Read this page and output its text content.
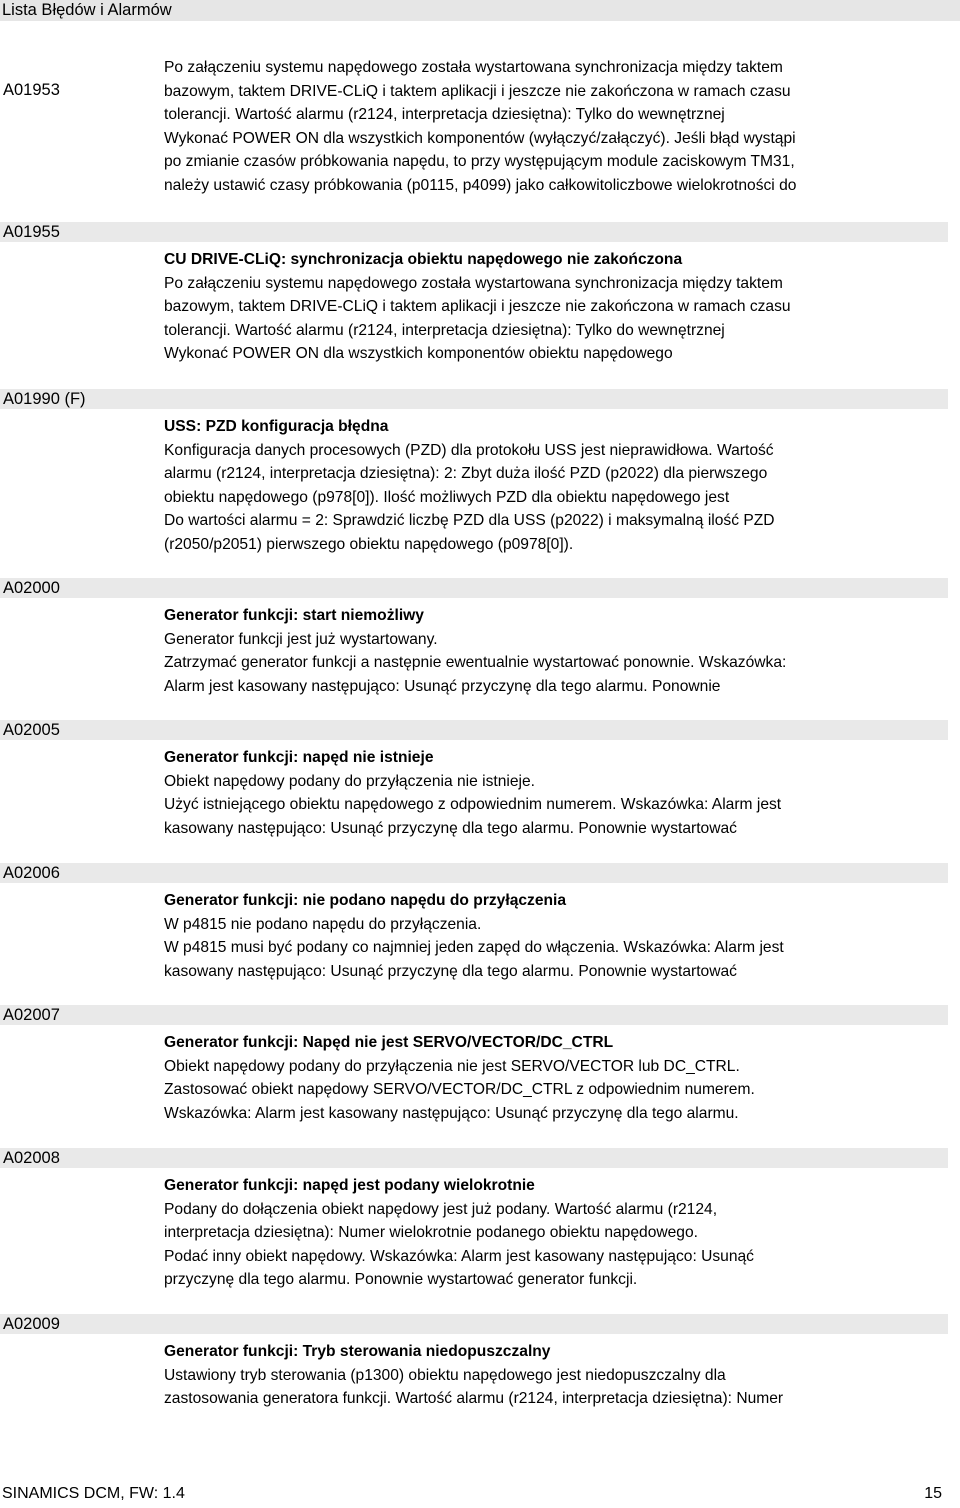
Lista Błędów i Alarmów
A01953
Po załączeniu systemu napędowego została wystartowana synchronizacja między taktem
bazowym, taktem DRIVE-CLiQ i taktem aplikacji i jeszcze nie zakończona w ramach czasu
tolerancji. Wartość alarmu (r2124, interpretacja dziesiętna): Tylko do wewnętrznej
Wykonać POWER ON dla wszystkich komponentów (wyłączyć/załączyć). Jeśli błąd wystąpi
po zmianie czasów próbkowania napędu, to przy występującym module zaciskowym TM31,
należy ustawić czasy próbkowania (p0115, p4099) jako całkowitoliczbowe wielokrotności do
A01955
CU DRIVE-CLiQ: synchronizacja obiektu napędowego nie zakończona
Po załączeniu systemu napędowego została wystartowana synchronizacja między taktem
bazowym, taktem DRIVE-CLiQ i taktem aplikacji i jeszcze nie zakończona w ramach czasu
tolerancji. Wartość alarmu (r2124, interpretacja dziesiętna): Tylko do wewnętrznej
Wykonać POWER ON dla wszystkich komponentów obiektu napędowego
A01990 (F)
USS: PZD konfiguracja błędna
Konfiguracja danych procesowych (PZD) dla protokołu USS jest nieprawidłowa. Wartość
alarmu (r2124, interpretacja dziesiętna): 2: Zbyt duża ilość PZD (p2022) dla pierwszego
obiektu napędowego (p978[0]). Ilość możliwych PZD dla obiektu napędowego jest
Do wartości alarmu = 2: Sprawdzić liczbę PZD dla USS (p2022) i maksymalną ilość PZD
(r2050/p2051) pierwszego obiektu napędowego (p0978[0]).
A02000
Generator funkcji: start niemożliwy
Generator funkcji jest już wystartowany.
Zatrzymać generator funkcji a następnie ewentualnie wystartować ponownie. Wskazówka:
Alarm jest kasowany następująco: Usunąć przyczynę dla tego alarmu. Ponownie
A02005
Generator funkcji: napęd nie istnieje
Obiekt napędowy podany do przyłączenia nie istnieje.
Użyć istniejącego obiektu napędowego z odpowiednim numerem. Wskazówka: Alarm jest
kasowany następująco: Usunąć przyczynę dla tego alarmu. Ponownie wystartować
A02006
Generator funkcji: nie podano napędu do przyłączenia
W p4815 nie podano napędu do przyłączenia.
W p4815 musi być podany co najmniej jeden zapęd do włączenia. Wskazówka: Alarm jest
kasowany następująco: Usunąć przyczynę dla tego alarmu. Ponownie wystartować
A02007
Generator funkcji: Napęd nie jest SERVO/VECTOR/DC_CTRL
Obiekt napędowy podany do przyłączenia nie jest SERVO/VECTOR lub DC_CTRL.
Zastosować obiekt napędowy SERVO/VECTOR/DC_CTRL z odpowiednim numerem.
Wskazówka: Alarm jest kasowany następująco: Usunąć przyczynę dla tego alarmu.
A02008
Generator funkcji: napęd jest podany wielokrotnie
Podany do dołączenia obiekt napędowy jest już podany. Wartość alarmu (r2124,
interpretacja dziesiętna): Numer wielokrotnie podanego obiektu napędowego.
Podać inny obiekt napędowy. Wskazówka: Alarm jest kasowany następująco: Usunąć
przyczynę dla tego alarmu. Ponownie wystartować generator funkcji.
A02009
Generator funkcji: Tryb sterowania niedopuszczalny
Ustawiony tryb sterowania (p1300) obiektu napędowego jest niedopuszczalny dla
zastosowania generatora funkcji. Wartość alarmu (r2124, interpretacja dziesiętna): Numer
SINAMICS DCM, FW: 1.4	15
